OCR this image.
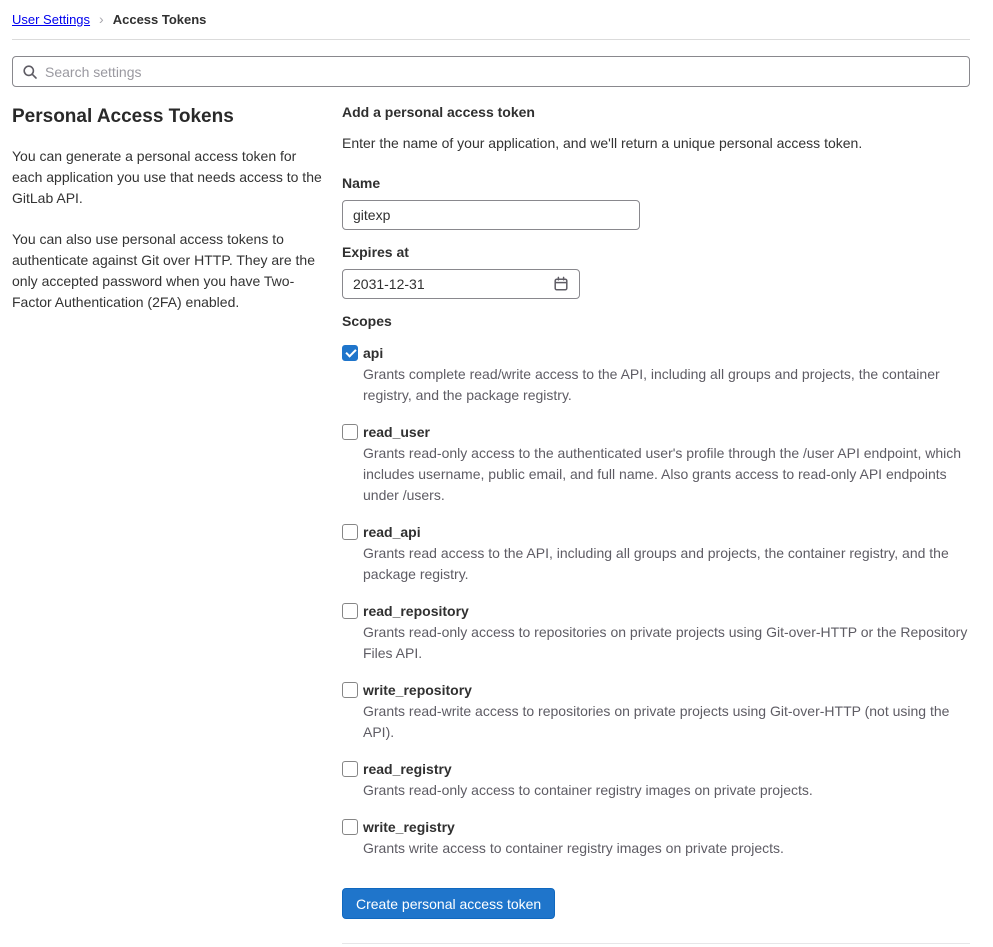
User Settings › Access Tokens
Search settings
Personal Access Tokens

You can generate a personal access token for each application you use that needs access to the GitLab API.

You can also use personal access tokens to authenticate against Git over HTTP. They are the only accepted password when you have Two-Factor Authentication (2FA) enabled.

Add a personal access token

Enter the name of your application, and we'll return a unique personal access token.

Name
gitexp
Expires at
2031-12-31
Scopes
api
Grants complete read/write access to the API, including all groups and projects, the container registry, and the package registry.
read_user
Grants read-only access to the authenticated user's profile through the /user API endpoint, which includes username, public email, and full name. Also grants access to read-only API endpoints under /users.
read_api
Grants read access to the API, including all groups and projects, the container registry, and the package registry.
read_repository
Grants read-only access to repositories on private projects using Git-over-HTTP or the Repository Files API.
write_repository
Grants read-write access to repositories on private projects using Git-over-HTTP (not using the API).
read_registry
Grants read-only access to container registry images on private projects.
write_registry
Grants write access to container registry images on private projects.
Create personal access token
